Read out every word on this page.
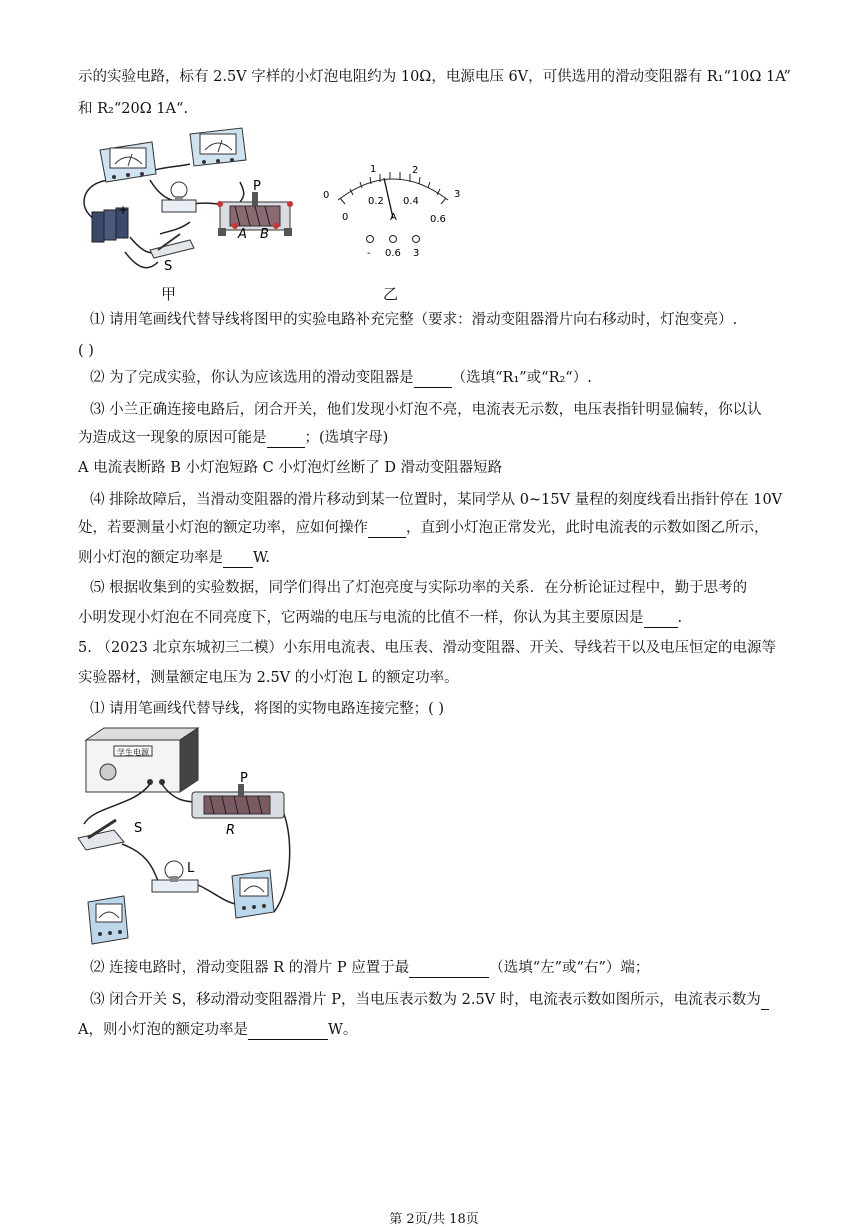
示的实验电路，标有 2.5V 字样的小灯泡电阻约为 10Ω，电源电压 6V，可供选用的滑动变阻器有 R₁“10Ω 1A”
和 R₂“20Ω 1A“.
+
P
A B
S
甲
0
1	2
3
0
0.2 0.4
0.6
A
- 0.6 3
乙
⑴ 请用笔画线代替导线将图甲的实验电路补充完整（要求：滑动变阻器滑片向右移动时，灯泡变亮）.
( )
⑵ 为了完成实验，你认为应该选用的滑动变阻器是	（选填“R₁”或“R₂“）.
⑶ 小兰正确连接电路后，闭合开关，他们发现小灯泡不亮，电流表无示数，电压表指针明显偏转，你以认
为造成这一现象的原因可能是	；(选填字母)
A 电流表断路 B 小灯泡短路 C 小灯泡灯丝断了 D 滑动变阻器短路
⑷ 排除故障后，当滑动变阻器的滑片移动到某一位置时，某同学从 0~15V 量程的刻度线看出指针停在 10V
处，若要测量小灯泡的额定功率，应如何操作	，直到小灯泡正常发光，此时电流表的示数如图乙所示，
则小灯泡的额定功率是 W.
⑸ 根据收集到的实验数据，同学们得出了灯泡亮度与实际功率的关系．在分析论证过程中，勤于思考的
小明发现小灯泡在不同亮度下，它两端的电压与电流的比值不一样，你认为其主要原因是 .
5. （2023 北京东城初三二模）小东用电流表、电压表、滑动变阻器、开关、导线若干以及电压恒定的电源等
实验器材，测量额定电压为 2.5V 的小灯泡 L 的额定功率。
⑴ 请用笔画线代替导线，将图的实物电路连接完整；( )
学生电源
P
R
S
L
⑵ 连接电路时，滑动变阻器 R 的滑片 P 应置于最	（选填“左”或“右”）端；
⑶ 闭合开关 S，移动滑动变阻器滑片 P，当电压表示数为 2.5V 时，电流表示数如图所示，电流表示数为
A，则小灯泡的额定功率是	W。
第 2页/共 18页
